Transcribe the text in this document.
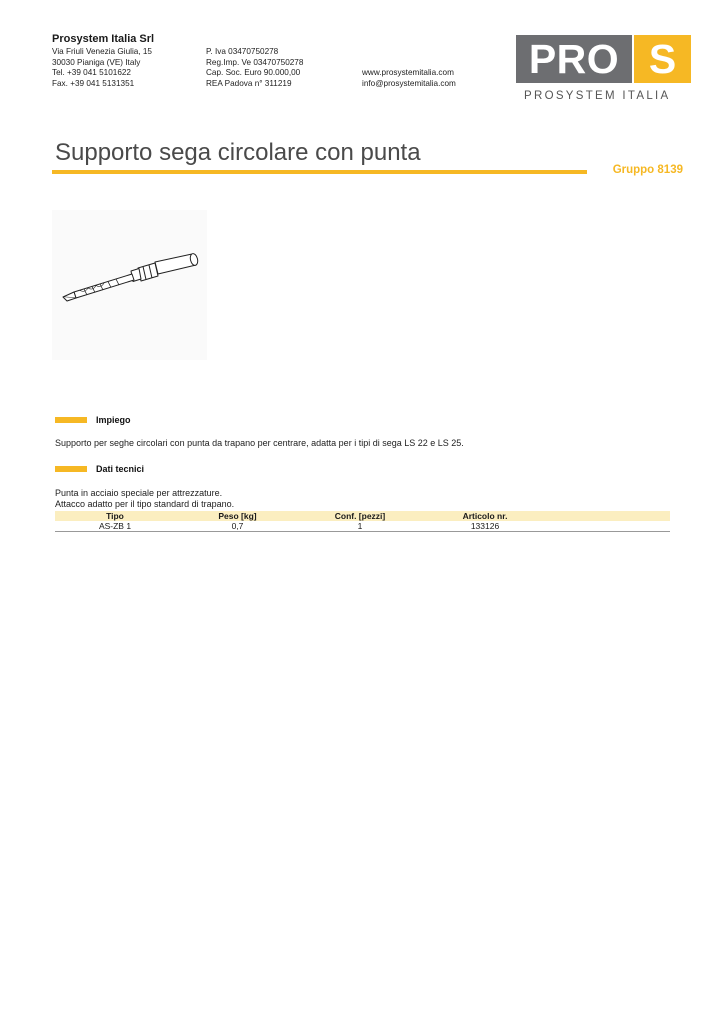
Prosystem Italia Srl
Via Friuli Venezia Giulia, 15
30030 Pianiga (VE) Italy
Tel. +39 041 5101622
Fax. +39 041 5131351
P. Iva 03470750278
Reg.Imp. Ve 03470750278
Cap. Soc. Euro 90.000,00
REA Padova n° 311219
www.prosystemitalia.com
info@prosystemitalia.com
PRO S
PROSYSTEM ITALIA
Supporto sega circolare con punta
Gruppo 8139
Impiego
Supporto per seghe circolari con punta da trapano per centrare, adatta per i tipi di sega LS 22 e LS 25.
Dati tecnici
Punta in acciaio speciale per attrezzature.
Attacco adatto per il tipo standard di trapano.
Tipo	Peso [kg]	Conf. [pezzi]	Articolo nr.	
AS-ZB 1	0,7	1	133126	
